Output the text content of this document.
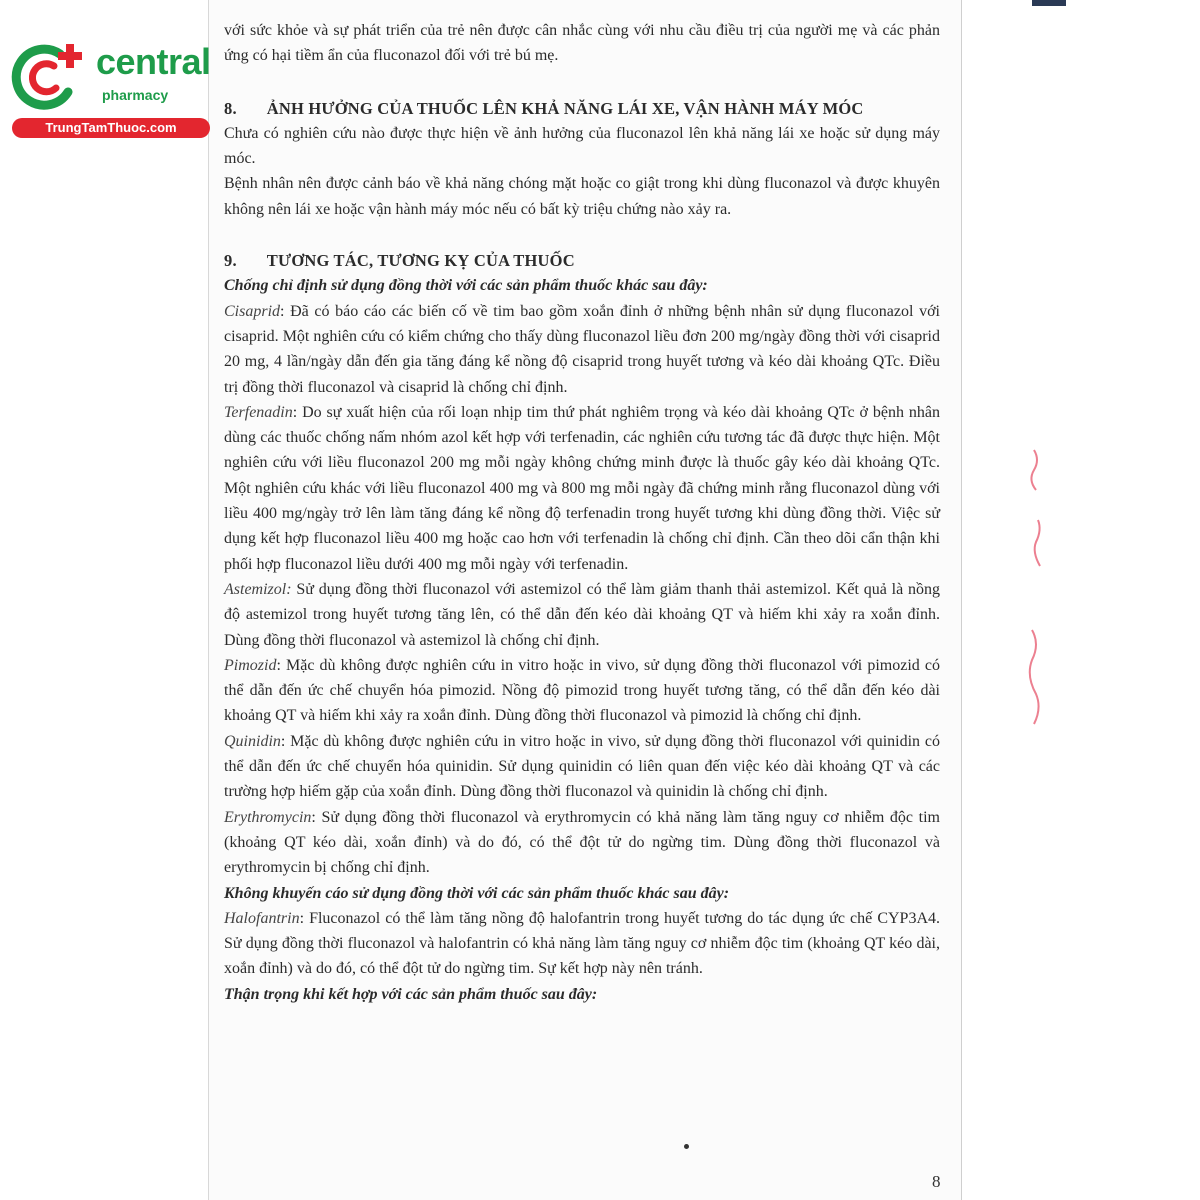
central
pharmacy
TrungTamThuoc.com

với sức khỏe và sự phát triển của trẻ nên được cân nhắc cùng với nhu cầu điều trị của người mẹ và các phản ứng có hại tiềm ẩn của fluconazol đối với trẻ bú mẹ.

8. ẢNH HƯỞNG CỦA THUỐC LÊN KHẢ NĂNG LÁI XE, VẬN HÀNH MÁY MÓC

Chưa có nghiên cứu nào được thực hiện về ảnh hưởng của fluconazol lên khả năng lái xe hoặc sử dụng máy móc.

Bệnh nhân nên được cảnh báo về khả năng chóng mặt hoặc co giật trong khi dùng fluconazol và được khuyên không nên lái xe hoặc vận hành máy móc nếu có bất kỳ triệu chứng nào xảy ra.

9. TƯƠNG TÁC, TƯƠNG KỴ CỦA THUỐC

Chống chỉ định sử dụng đồng thời với các sản phẩm thuốc khác sau đây:

Cisaprid: Đã có báo cáo các biến cố về tim bao gồm xoắn đỉnh ở những bệnh nhân sử dụng fluconazol với cisaprid. Một nghiên cứu có kiểm chứng cho thấy dùng fluconazol liều đơn 200 mg/ngày đồng thời với cisaprid 20 mg, 4 lần/ngày dẫn đến gia tăng đáng kể nồng độ cisaprid trong huyết tương và kéo dài khoảng QTc. Điều trị đồng thời fluconazol và cisaprid là chống chỉ định.

Terfenadin: Do sự xuất hiện của rối loạn nhịp tim thứ phát nghiêm trọng và kéo dài khoảng QTc ở bệnh nhân dùng các thuốc chống nấm nhóm azol kết hợp với terfenadin, các nghiên cứu tương tác đã được thực hiện. Một nghiên cứu với liều fluconazol 200 mg mỗi ngày không chứng minh được là thuốc gây kéo dài khoảng QTc. Một nghiên cứu khác với liều fluconazol 400 mg và 800 mg mỗi ngày đã chứng minh rằng fluconazol dùng với liều 400 mg/ngày trở lên làm tăng đáng kể nồng độ terfenadin trong huyết tương khi dùng đồng thời. Việc sử dụng kết hợp fluconazol liều 400 mg hoặc cao hơn với terfenadin là chống chỉ định. Cần theo dõi cẩn thận khi phối hợp fluconazol liều dưới 400 mg mỗi ngày với terfenadin.

Astemizol: Sử dụng đồng thời fluconazol với astemizol có thể làm giảm thanh thải astemizol. Kết quả là nồng độ astemizol trong huyết tương tăng lên, có thể dẫn đến kéo dài khoảng QT và hiếm khi xảy ra xoắn đỉnh. Dùng đồng thời fluconazol và astemizol là chống chỉ định.

Pimozid: Mặc dù không được nghiên cứu in vitro hoặc in vivo, sử dụng đồng thời fluconazol với pimozid có thể dẫn đến ức chế chuyển hóa pimozid. Nồng độ pimozid trong huyết tương tăng, có thể dẫn đến kéo dài khoảng QT và hiếm khi xảy ra xoắn đỉnh. Dùng đồng thời fluconazol và pimozid là chống chỉ định.

Quinidin: Mặc dù không được nghiên cứu in vitro hoặc in vivo, sử dụng đồng thời fluconazol với quinidin có thể dẫn đến ức chế chuyển hóa quinidin. Sử dụng quinidin có liên quan đến việc kéo dài khoảng QT và các trường hợp hiếm gặp của xoắn đỉnh. Dùng đồng thời fluconazol và quinidin là chống chỉ định.

Erythromycin: Sử dụng đồng thời fluconazol và erythromycin có khả năng làm tăng nguy cơ nhiễm độc tim (khoảng QT kéo dài, xoắn đỉnh) và do đó, có thể đột tử do ngừng tim. Dùng đồng thời fluconazol và erythromycin bị chống chỉ định.

Không khuyến cáo sử dụng đồng thời với các sản phẩm thuốc khác sau đây:

Halofantrin: Fluconazol có thể làm tăng nồng độ halofantrin trong huyết tương do tác dụng ức chế CYP3A4. Sử dụng đồng thời fluconazol và halofantrin có khả năng làm tăng nguy cơ nhiễm độc tim (khoảng QT kéo dài, xoắn đỉnh) và do đó, có thể đột tử do ngừng tim. Sự kết hợp này nên tránh.

Thận trọng khi kết hợp với các sản phẩm thuốc sau đây:

8
